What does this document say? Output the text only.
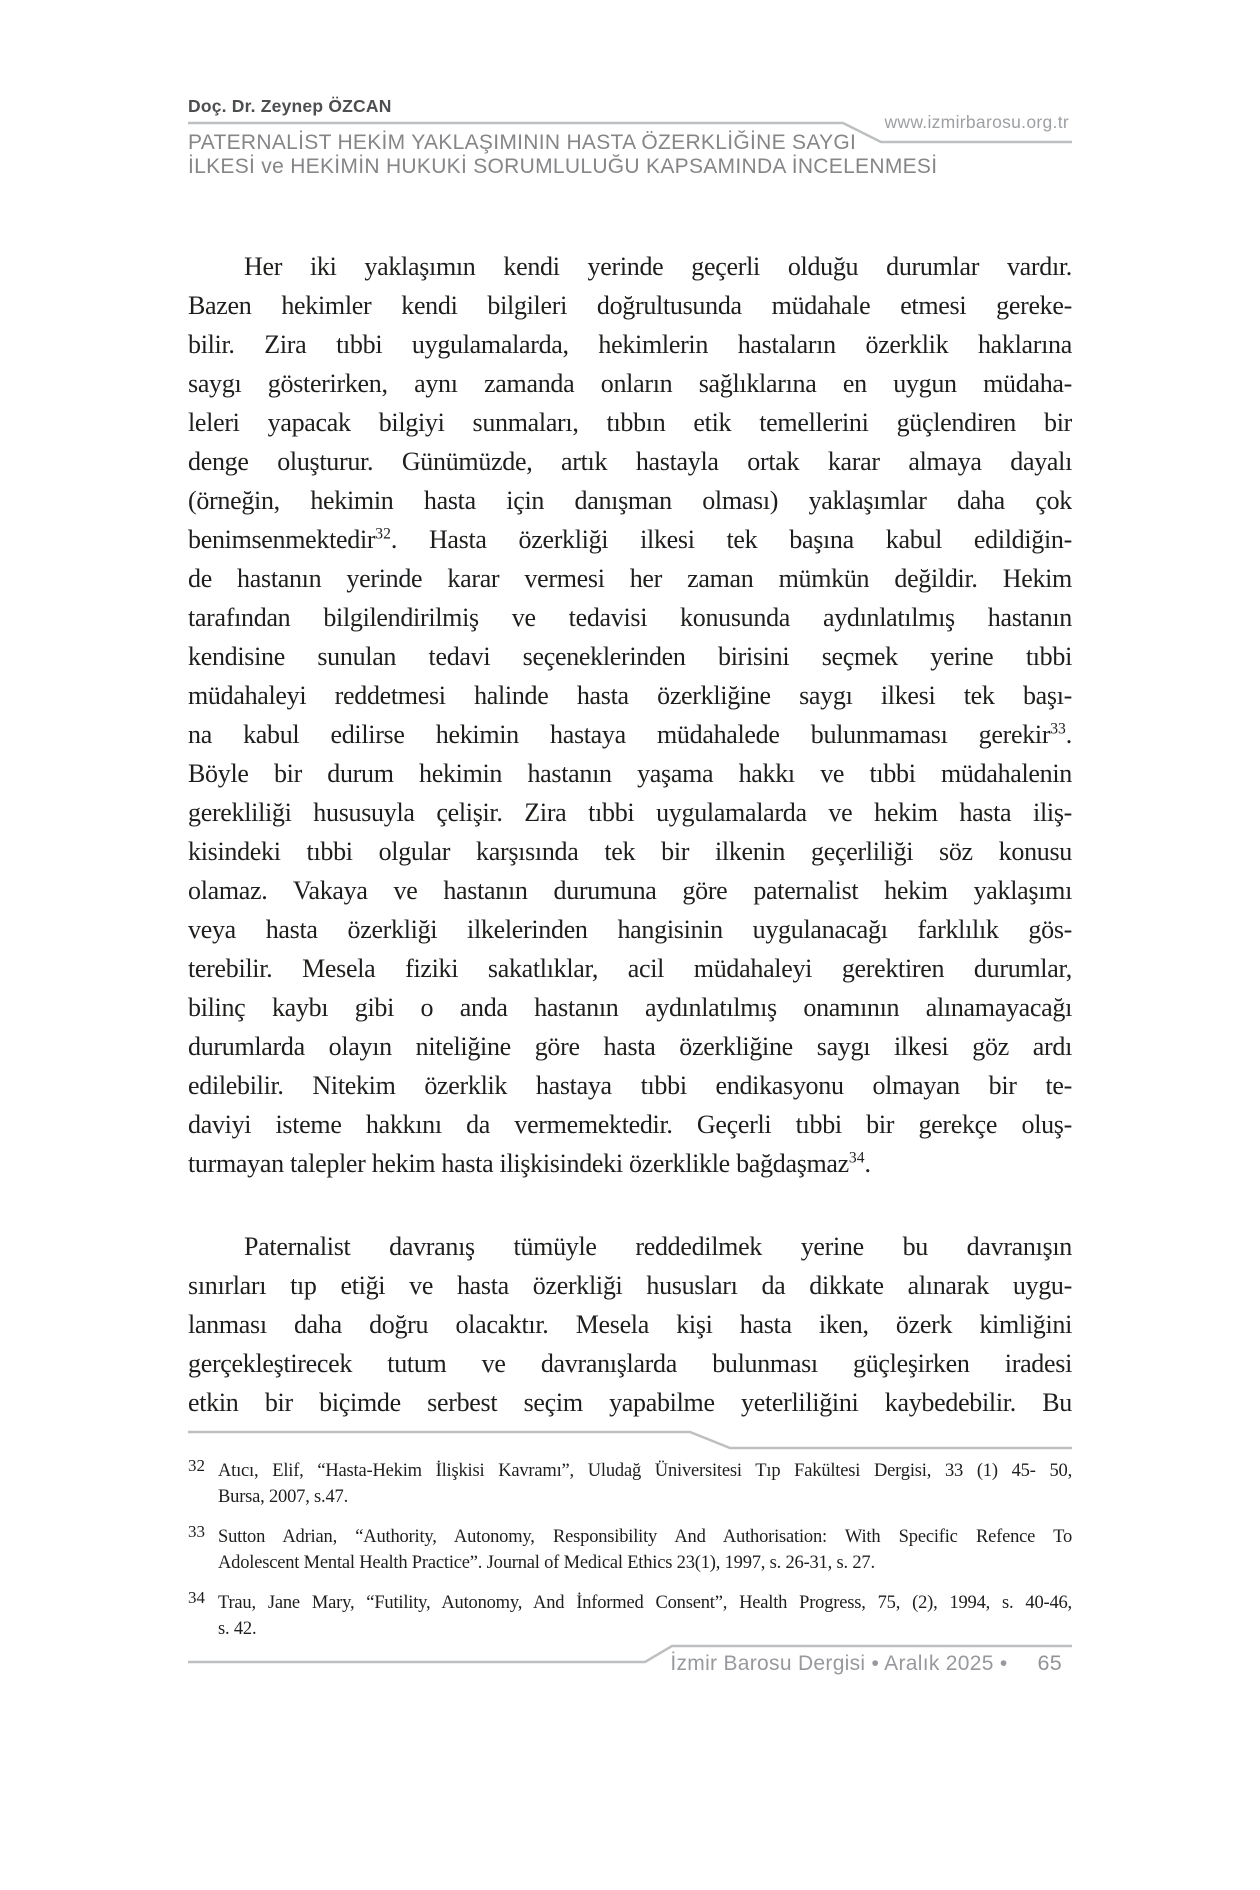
Doç. Dr. Zeynep ÖZCAN
www.izmirbarosu.org.tr
PATERNALİST HEKİM YAKLAŞIMININ HASTA ÖZERKLİĞİNE SAYGI
İLKESİ ve HEKİMİN HUKUKİ SORUMLULUĞU KAPSAMINDA İNCELENMESİ
Her iki yaklaşımın kendi yerinde geçerli olduğu durumlar vardır.
Bazen hekimler kendi bilgileri doğrultusunda müdahale etmesi gereke-
bilir. Zira tıbbi uygulamalarda, hekimlerin hastaların özerklik haklarına
saygı gösterirken, aynı zamanda onların sağlıklarına en uygun müdaha-
leleri yapacak bilgiyi sunmaları, tıbbın etik temellerini güçlendiren bir
denge oluşturur. Günümüzde, artık hastayla ortak karar almaya dayalı
(örneğin, hekimin hasta için danışman olması) yaklaşımlar daha çok
benimsenmektedir$^{32}$. Hasta özerkliği ilkesi tek başına kabul edildiğin-
de hastanın yerinde karar vermesi her zaman mümkün değildir. Hekim
tarafından bilgilendirilmiş ve tedavisi konusunda aydınlatılmış hastanın
kendisine sunulan tedavi seçeneklerinden birisini seçmek yerine tıbbi
müdahaleyi reddetmesi halinde hasta özerkliğine saygı ilkesi tek başı-
na kabul edilirse hekimin hastaya müdahalede bulunmaması gerekir$^{33}$.
Böyle bir durum hekimin hastanın yaşama hakkı ve tıbbi müdahalenin
gerekliliği hususuyla çelişir. Zira tıbbi uygulamalarda ve hekim hasta iliş-
kisindeki tıbbi olgular karşısında tek bir ilkenin geçerliliği söz konusu
olamaz. Vakaya ve hastanın durumuna göre paternalist hekim yaklaşımı
veya hasta özerkliği ilkelerinden hangisinin uygulanacağı farklılık gös-
terebilir. Mesela fiziki sakatlıklar, acil müdahaleyi gerektiren durumlar,
bilinç kaybı gibi o anda hastanın aydınlatılmış onamının alınamayacağı
durumlarda olayın niteliğine göre hasta özerkliğine saygı ilkesi göz ardı
edilebilir. Nitekim özerklik hastaya tıbbi endikasyonu olmayan bir te-
daviyi isteme hakkını da vermemektedir. Geçerli tıbbi bir gerekçe oluş-
turmayan talepler hekim hasta ilişkisindeki özerklikle bağdaşmaz$^{34}$.
Paternalist davranış tümüyle reddedilmek yerine bu davranışın
sınırları tıp etiği ve hasta özerkliği hususları da dikkate alınarak uygu-
lanması daha doğru olacaktır. Mesela kişi hasta iken, özerk kimliğini
gerçekleştirecek tutum ve davranışlarda bulunması güçleşirken iradesi
etkin bir biçimde serbest seçim yapabilme yeterliliğini kaybedebilir. Bu
32 Atıcı, Elif, “Hasta-Hekim İlişkisi Kavramı”, Uludağ Üniversitesi Tıp Fakültesi Dergisi, 33 (1) 45- 50,
Bursa, 2007, s.47.
33 Sutton Adrian, “Authority, Autonomy, Responsibility And Authorisation: With Specific Refence To
Adolescent Mental Health Practice”. Journal of Medical Ethics 23(1), 1997, s. 26-31, s. 27.
34 Trau, Jane Mary, “Futility, Autonomy, And İnformed Consent”, Health Progress, 75, (2), 1994, s. 40-46,
s. 42.
İzmir Barosu Dergisi • Aralık 2025 • 65
